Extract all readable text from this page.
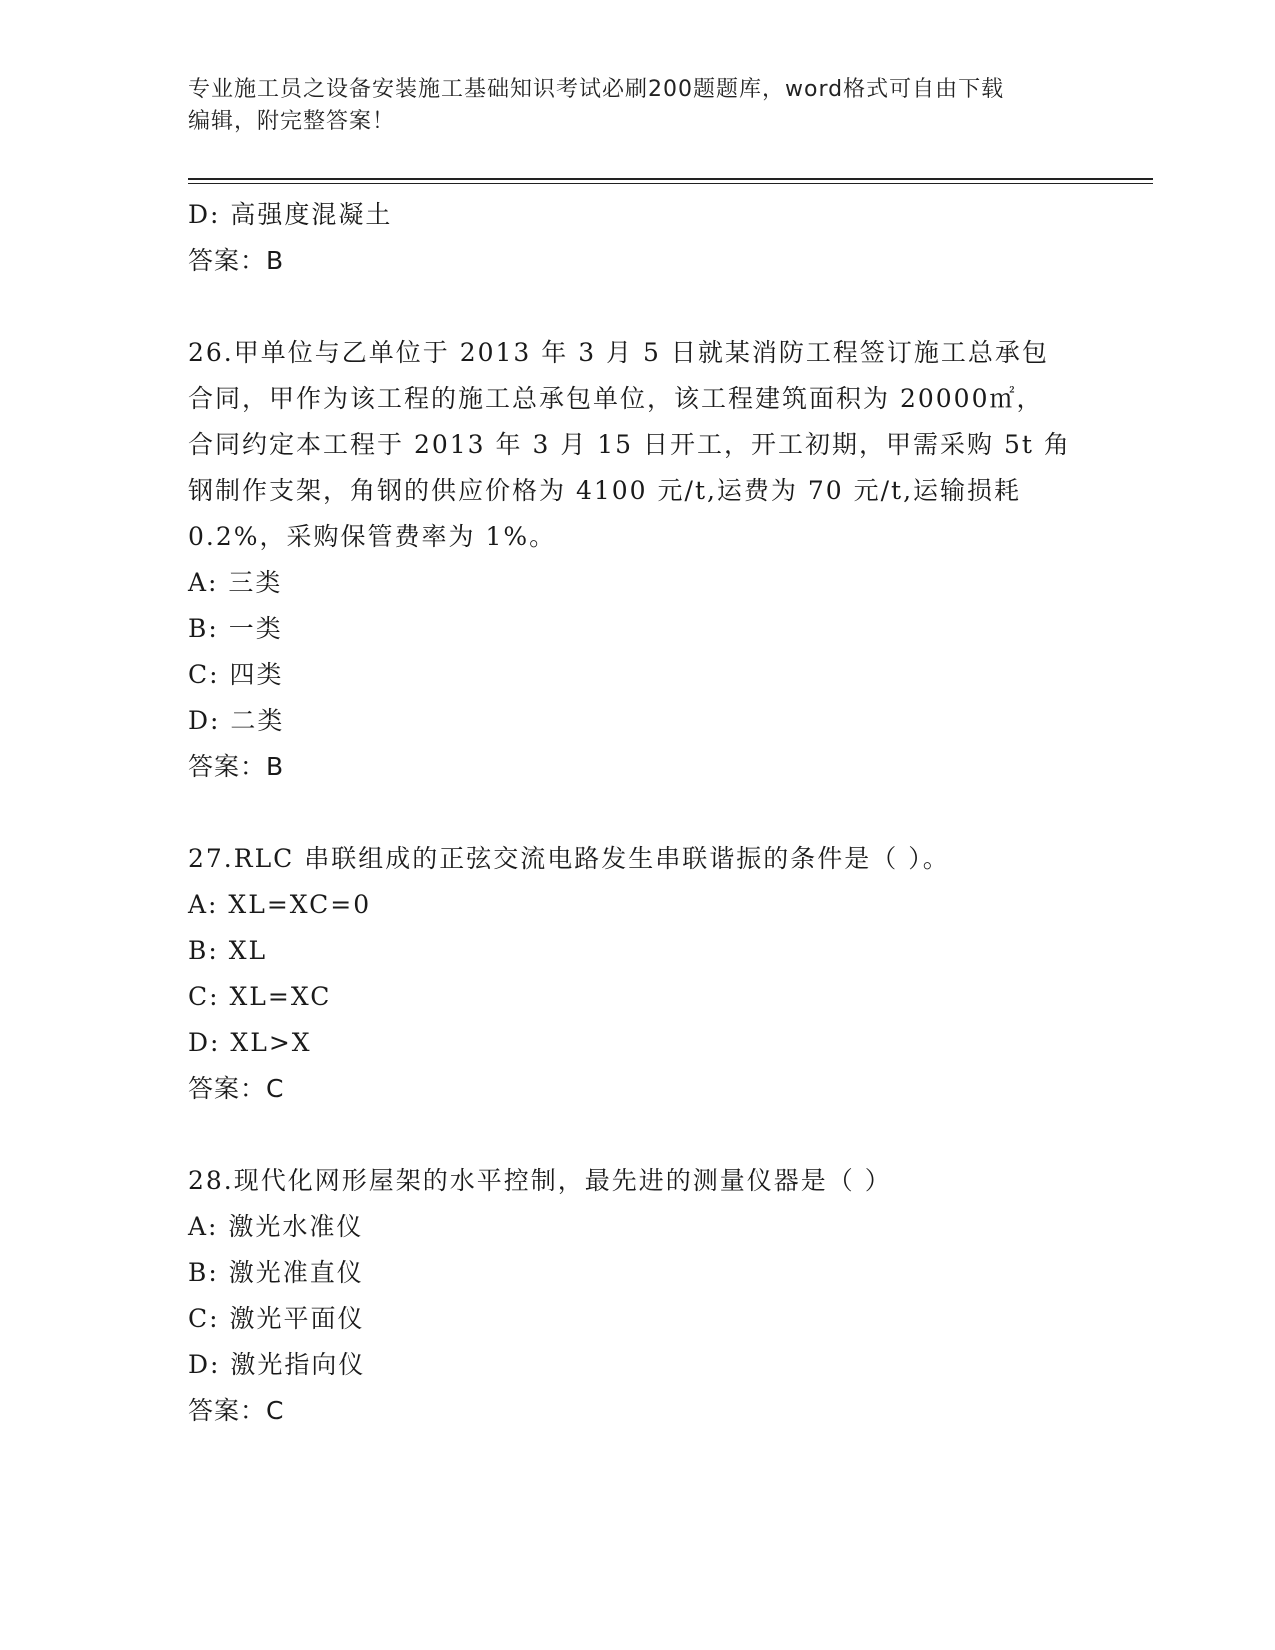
专业施工员之设备安装施工基础知识考试必刷200题题库，word格式可自由下载
编辑，附完整答案！
D: 高强度混凝土
答案：B
26.甲单位与乙单位于 2013 年 3 月 5 日就某消防工程签订施工总承包
合同，甲作为该工程的施工总承包单位，该工程建筑面积为 20000㎡，
合同约定本工程于 2013 年 3 月 15 日开工，开工初期，甲需采购 5t 角
钢制作支架，角钢的供应价格为 4100 元/t,运费为 70 元/t,运输损耗
0.2%，采购保管费率为 1%。
A: 三类
B: 一类
C: 四类
D: 二类
答案：B
27.RLC 串联组成的正弦交流电路发生串联谐振的条件是（ ）。
A: XL=XC=0
B: XL
C: XL=XC
D: XL>X
答案：C
28.现代化网形屋架的水平控制，最先进的测量仪器是（ ）
A: 激光水准仪
B: 激光准直仪
C: 激光平面仪
D: 激光指向仪
答案：C
